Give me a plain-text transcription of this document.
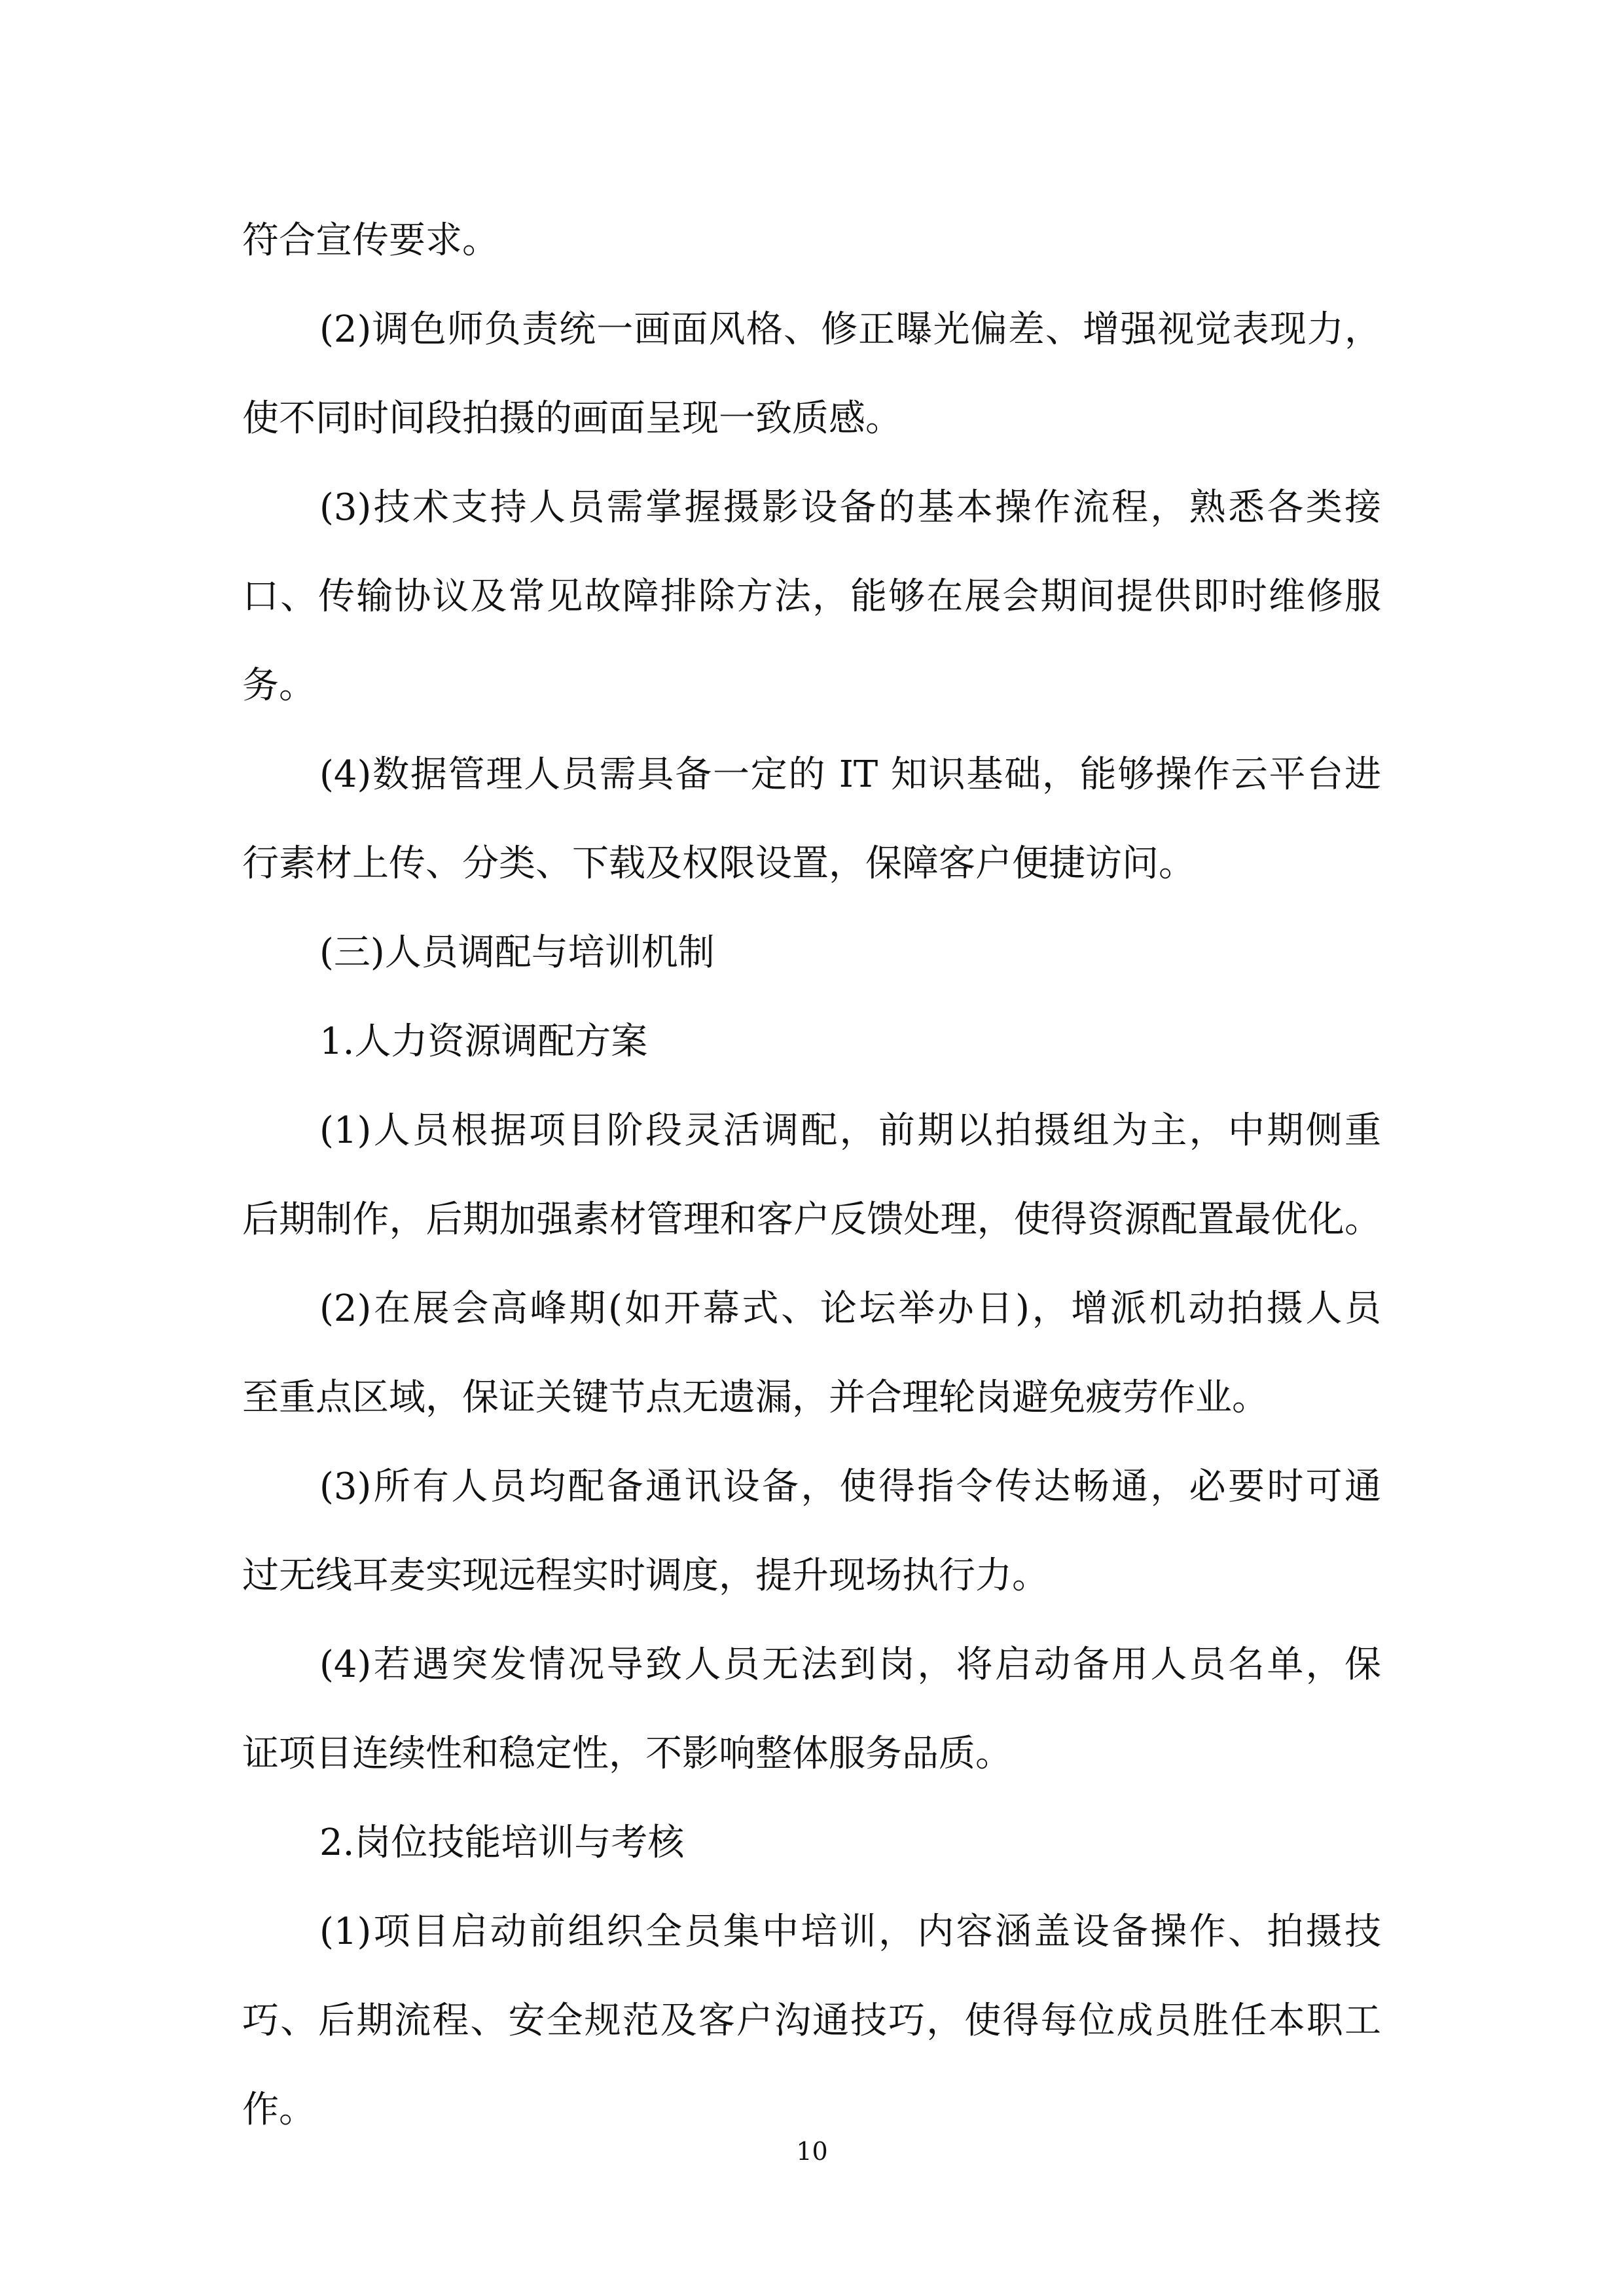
符合宣传要求。
(2)调色师负责统一画面风格、修正曝光偏差、增强视觉表现力，
使不同时间段拍摄的画面呈现一致质感。
(3)技术支持人员需掌握摄影设备的基本操作流程，熟悉各类接
口、传输协议及常见故障排除方法，能够在展会期间提供即时维修服
务。
(4)数据管理人员需具备一定的 IT 知识基础，能够操作云平台进
行素材上传、分类、下载及权限设置，保障客户便捷访问。
(三)人员调配与培训机制
1.人力资源调配方案
(1)人员根据项目阶段灵活调配，前期以拍摄组为主，中期侧重
后期制作，后期加强素材管理和客户反馈处理，使得资源配置最优化。
(2)在展会高峰期(如开幕式、论坛举办日)，增派机动拍摄人员
至重点区域，保证关键节点无遗漏，并合理轮岗避免疲劳作业。
(3)所有人员均配备通讯设备，使得指令传达畅通，必要时可通
过无线耳麦实现远程实时调度，提升现场执行力。
(4)若遇突发情况导致人员无法到岗，将启动备用人员名单，保
证项目连续性和稳定性，不影响整体服务品质。
2.岗位技能培训与考核
(1)项目启动前组织全员集中培训，内容涵盖设备操作、拍摄技
巧、后期流程、安全规范及客户沟通技巧，使得每位成员胜任本职工
作。
10
